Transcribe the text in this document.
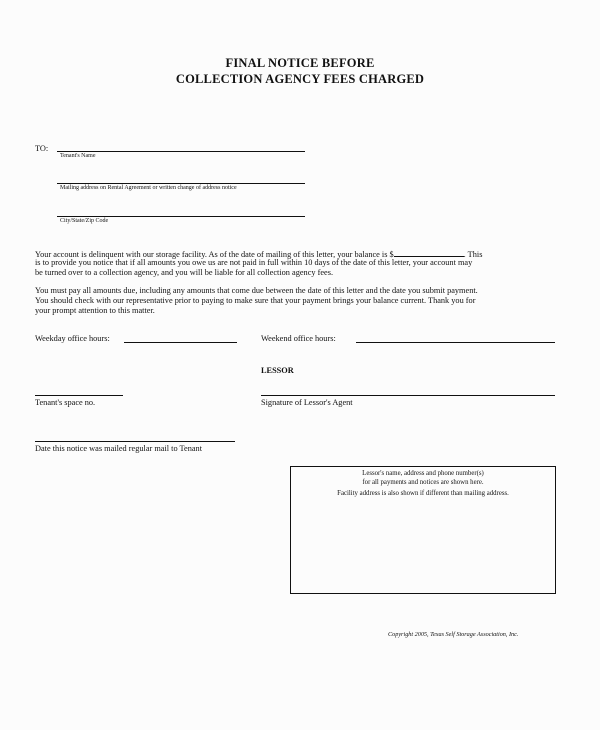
FINAL NOTICE BEFORE
COLLECTION AGENCY FEES CHARGED
TO:
Tenant's Name
Mailing address on Rental Agreement or written change of address notice
City/State/Zip Code
Your account is delinquent with our storage facility. As of the date of mailing of this letter, your balance is $	. This
is to provide you notice that if all amounts you owe us are not paid in full within 10 days of the date of this letter, your account may
be turned over to a collection agency, and you will be liable for all collection agency fees.
You must pay all amounts due, including any amounts that come due between the date of this letter and the date you submit payment.
You should check with our representative prior to paying to make sure that your payment brings your balance current. Thank you for
your prompt attention to this matter.
Weekday office hours:	Weekend office hours:
LESSOR
Tenant's space no.	Signature of Lessor's Agent
Date this notice was mailed regular mail to Tenant
Lessor's name, address and phone number(s)
for all payments and notices are shown here.
Facility address is also shown if different than mailing address.
Copyright 2005, Texas Self Storage Association, Inc.
